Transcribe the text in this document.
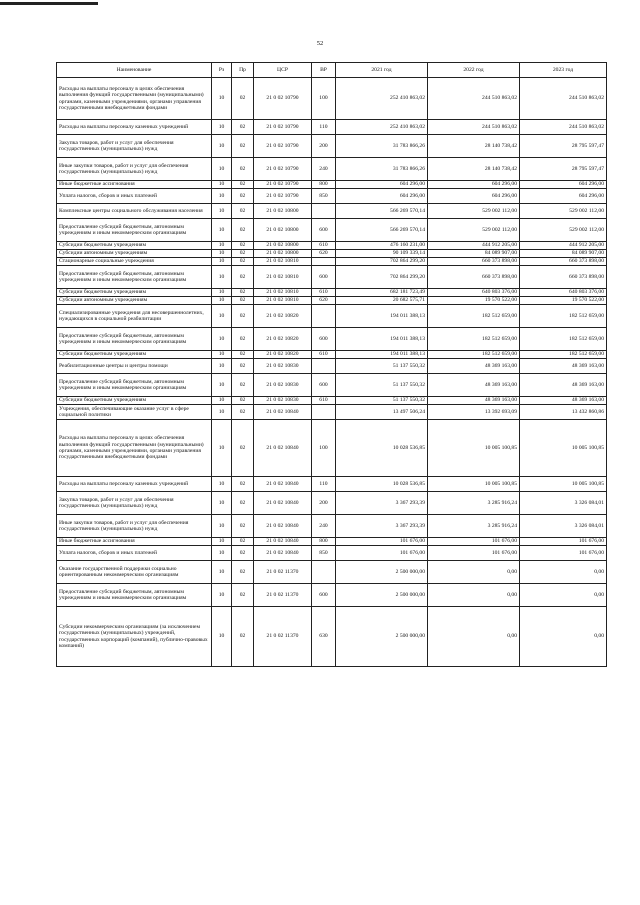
52
Наименование	Рз	Пр	ЦСР	ВР	2021 год	2022 год	2023 год
Расходы на выплаты персоналу в целях обеспечения выполнения функций государственными (муниципальными) органами, казенными учреждениями, органами управления государственными внебюджетными фондами	10	02	21 0 02 10790	100	252 410 863,02	244 510 863,02	244 510 863,02
Расходы на выплаты персоналу казенных учреждений	10	02	21 0 02 10790	110	252 410 863,02	244 510 863,02	244 510 863,02
Закупка товаров, работ и услуг для обеспечения государственных (муниципальных) нужд	10	02	21 0 02 10790	200	31 783 866,26	28 140 738,42	28 795 597,47
Иные закупки товаров, работ и услуг для обеспечения государственных (муниципальных) нужд	10	02	21 0 02 10790	240	31 783 866,26	28 140 738,42	28 795 597,47
Иные бюджетные ассигнования	10	02	21 0 02 10790	800	604 296,00	604 296,00	604 296,00
Уплата налогов, сборов и иных платежей	10	02	21 0 02 10790	850	604 296,00	604 296,00	604 296,00
Комплексные центры социального обслуживания населения	10	02	21 0 02 10800		566 269 570,14	529 002 112,00	529 002 112,00
Предоставление субсидий бюджетным, автономным учреждениям и иным некоммерческим организациям	10	02	21 0 02 10800	600	566 269 570,14	529 002 112,00	529 002 112,00
Субсидии бюджетным учреждениям	10	02	21 0 02 10800	610	476 160 231,00	444 912 205,00	444 912 205,00
Субсидии автономным учреждениям	10	02	21 0 02 10800	620	90 109 339,14	84 089 907,00	84 089 907,00
Стационарные социальные учреждения	10	02	21 0 02 10810		702 864 299,20	660 373 898,00	660 373 898,00
Предоставление субсидий бюджетным, автономным учреждениям и иным некоммерческим организациям	10	02	21 0 02 10810	600	702 864 299,20	660 373 898,00	660 373 898,00
Субсидии бюджетным учреждениям	10	02	21 0 02 10810	610	682 181 723,49	640 803 376,00	640 803 376,00
Субсидии автономным учреждениям	10	02	21 0 02 10810	620	20 682 575,71	19 570 522,00	19 570 522,00
Специализированные учреждения для несовершеннолетних, нуждающихся в социальной реабилитации	10	02	21 0 02 10820		194 011 388,13	182 512 659,00	182 512 659,00
Предоставление субсидий бюджетным, автономным учреждениям и иным некоммерческим организациям	10	02	21 0 02 10820	600	194 011 388,13	182 512 659,00	182 512 659,00
Субсидии бюджетным учреждениям	10	02	21 0 02 10820	610	194 011 388,13	182 512 659,00	182 512 659,00
Реабилитационные центры и центры помощи	10	02	21 0 02 10830		51 137 550,32	48 369 163,00	48 369 163,00
Предоставление субсидий бюджетным, автономным учреждениям и иным некоммерческим организациям	10	02	21 0 02 10830	600	51 137 550,32	48 369 163,00	48 369 163,00
Субсидии бюджетным учреждениям	10	02	21 0 02 10830	610	51 137 550,32	48 369 163,00	48 369 163,00
Учреждения, обеспечивающие оказание услуг в сфере социальной политики	10	02	21 0 02 10840		13 497 506,24	13 392 693,09	13 432 860,86
Расходы на выплаты персоналу в целях обеспечения выполнения функций государственными (муниципальными) органами, казенными учреждениями, органами управления государственными внебюджетными фондами	10	02	21 0 02 10840	100	10 028 536,85	10 005 100,85	10 005 100,85
Расходы на выплаты персоналу казенных учреждений	10	02	21 0 02 10840	110	10 028 536,85	10 005 100,85	10 005 100,85
Закупка товаров, работ и услуг для обеспечения государственных (муниципальных) нужд	10	02	21 0 02 10840	200	3 367 293,39	3 285 916,24	3 326 084,01
Иные закупки товаров, работ и услуг для обеспечения государственных (муниципальных) нужд	10	02	21 0 02 10840	240	3 367 293,39	3 285 916,24	3 326 084,01
Иные бюджетные ассигнования	10	02	21 0 02 10840	800	101 676,00	101 676,00	101 676,00
Уплата налогов, сборов и иных платежей	10	02	21 0 02 10840	850	101 676,00	101 676,00	101 676,00
Оказание государственной поддержки социально ориентированным некоммерческим организациям	10	02	21 0 02 11370		2 500 000,00	0,00	0,00
Предоставление субсидий бюджетным, автономным учреждениям и иным некоммерческим организациям	10	02	21 0 02 11370	600	2 500 000,00	0,00	0,00
Субсидии некоммерческим организациям (за исключением государственных (муниципальных) учреждений, государственных корпораций (компаний), публично-правовых компаний)	10	02	21 0 02 11370	630	2 500 000,00	0,00	0,00
